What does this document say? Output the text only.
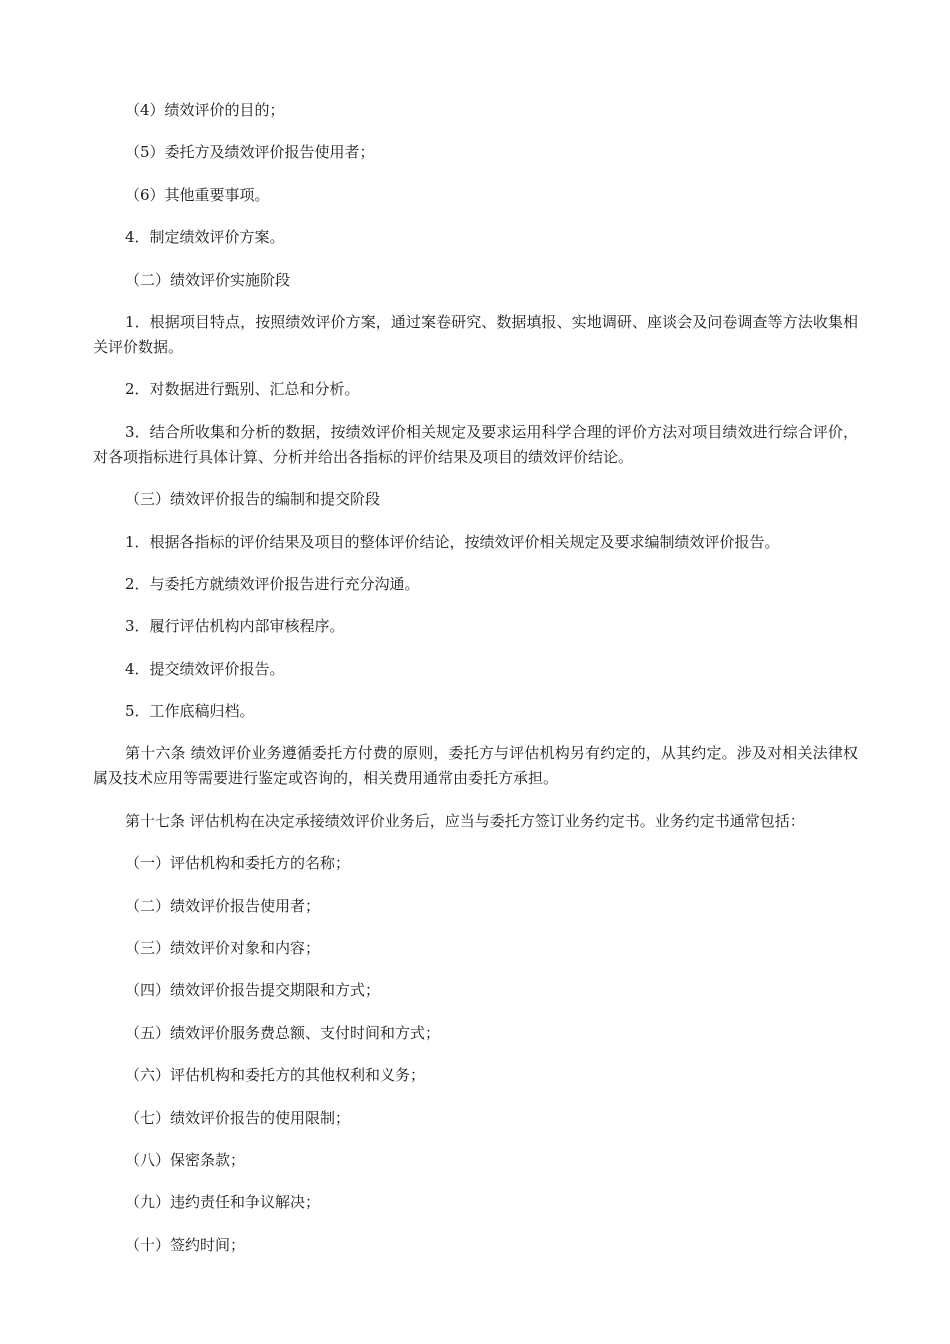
（4）绩效评价的目的；

（5）委托方及绩效评价报告使用者；

（6）其他重要事项。

4．制定绩效评价方案。

（二）绩效评价实施阶段

1．根据项目特点，按照绩效评价方案，通过案卷研究、数据填报、实地调研、座谈会及问卷调查等方法收集相关评价数据。

2．对数据进行甄别、汇总和分析。

3．结合所收集和分析的数据，按绩效评价相关规定及要求运用科学合理的评价方法对项目绩效进行综合评价，对各项指标进行具体计算、分析并给出各指标的评价结果及项目的绩效评价结论。

（三）绩效评价报告的编制和提交阶段

1．根据各指标的评价结果及项目的整体评价结论，按绩效评价相关规定及要求编制绩效评价报告。

2．与委托方就绩效评价报告进行充分沟通。

3．履行评估机构内部审核程序。

4．提交绩效评价报告。

5．工作底稿归档。

第十六条 绩效评价业务遵循委托方付费的原则，委托方与评估机构另有约定的，从其约定。涉及对相关法律权属及技术应用等需要进行鉴定或咨询的，相关费用通常由委托方承担。

第十七条 评估机构在决定承接绩效评价业务后，应当与委托方签订业务约定书。业务约定书通常包括：

（一）评估机构和委托方的名称；

（二）绩效评价报告使用者；

（三）绩效评价对象和内容；

（四）绩效评价报告提交期限和方式；

（五）绩效评价服务费总额、支付时间和方式；

（六）评估机构和委托方的其他权利和义务；

（七）绩效评价报告的使用限制；

（八）保密条款；

（九）违约责任和争议解决；

（十）签约时间；
